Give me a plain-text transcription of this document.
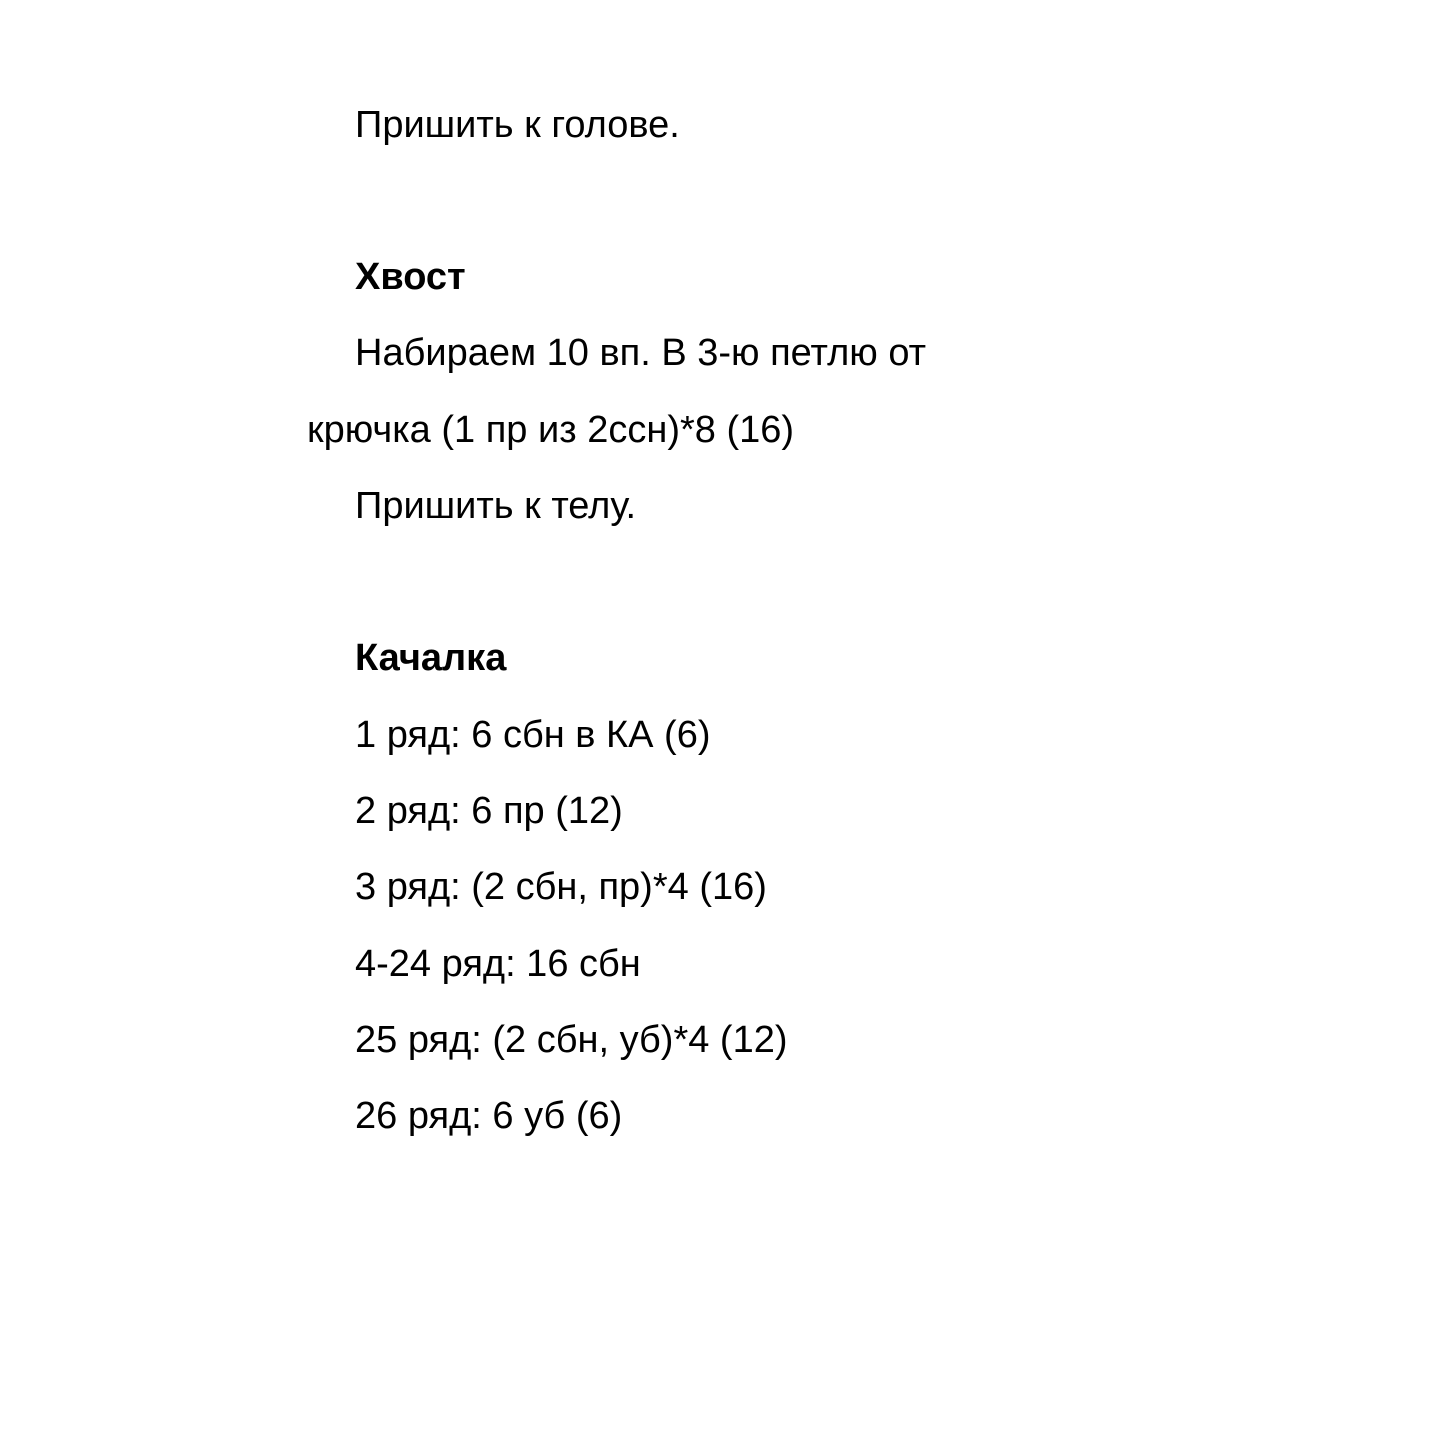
Пришить к голове.

Хвост

Набираем 10 вп. В 3-ю петлю от

крючка (1 пр из 2ссн)*8 (16)

Пришить к телу.

Качалка

1 ряд: 6 сбн в КА (6)

2 ряд: 6 пр (12)

3 ряд: (2 сбн, пр)*4 (16)

4-24 ряд: 16 сбн

25 ряд: (2 сбн, уб)*4 (12)

26 ряд: 6 уб (6)
